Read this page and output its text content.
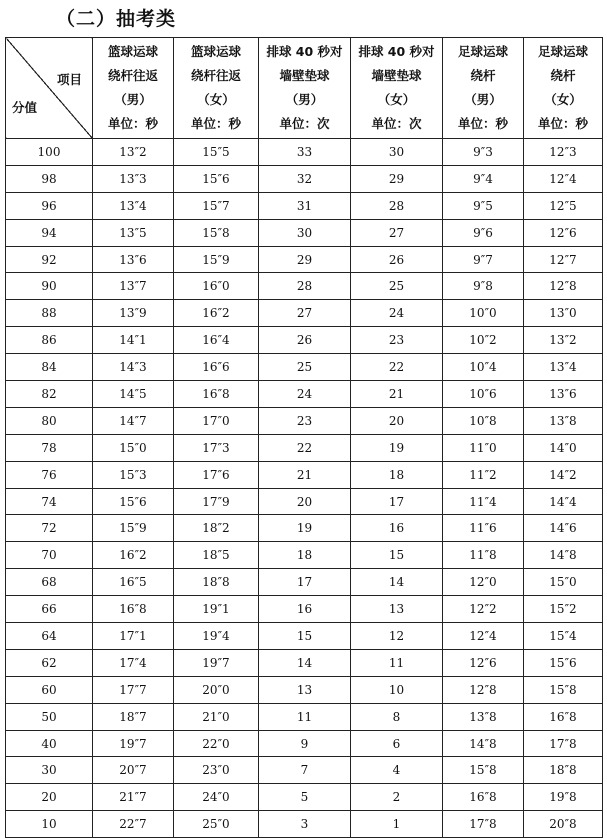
（二）抽考类
项目
分值	篮球运球
绕杆往返
（男）
单位：秒	篮球运球
绕杆往返
（女）
单位：秒	排球 40 秒对
墙壁垫球
（男）
单位：次	排球 40 秒对
墙壁垫球
（女）
单位：次	足球运球
绕杆
（男）
单位：秒	足球运球
绕杆
（女）
单位：秒

100	13″2	15″5	33	30	9″3	12″3
98	13″3	15″6	32	29	9″4	12″4
96	13″4	15″7	31	28	9″5	12″5
94	13″5	15″8	30	27	9″6	12″6
92	13″6	15″9	29	26	9″7	12″7
90	13″7	16″0	28	25	9″8	12″8
88	13″9	16″2	27	24	10″0	13″0
86	14″1	16″4	26	23	10″2	13″2
84	14″3	16″6	25	22	10″4	13″4
82	14″5	16″8	24	21	10″6	13″6
80	14″7	17″0	23	20	10″8	13″8
78	15″0	17″3	22	19	11″0	14″0
76	15″3	17″6	21	18	11″2	14″2
74	15″6	17″9	20	17	11″4	14″4
72	15″9	18″2	19	16	11″6	14″6
70	16″2	18″5	18	15	11″8	14″8
68	16″5	18″8	17	14	12″0	15″0
66	16″8	19″1	16	13	12″2	15″2
64	17″1	19″4	15	12	12″4	15″4
62	17″4	19″7	14	11	12″6	15″6
60	17″7	20″0	13	10	12″8	15″8
50	18″7	21″0	11	8	13″8	16″8
40	19″7	22″0	9	6	14″8	17″8
30	20″7	23″0	7	4	15″8	18″8
20	21″7	24″0	5	2	16″8	19″8
10	22″7	25″0	3	1	17″8	20″8
